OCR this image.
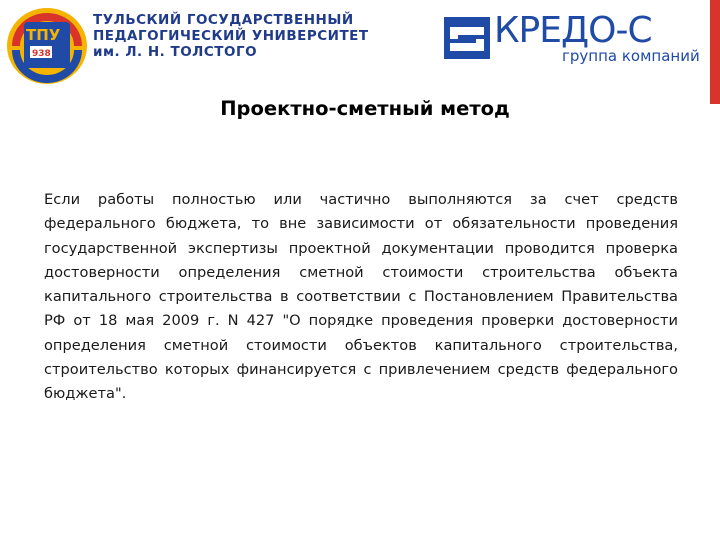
TПУ
938
ТУЛЬСКИЙ ГОСУДАРСТВЕННЫЙ
ПЕДАГОГИЧЕСКИЙ УНИВЕРСИТЕТ
им. Л. Н. ТОЛСТОГО
КРЕДО-С
группа компаний
Проектно-сметный метод
Если работы полностью или частично выполняются за счет средств федерального бюджета, то вне зависимости от обязательности проведения государственной экспертизы проектной документации проводится проверка достоверности определения сметной стоимости строительства объекта капитального строительства в соответствии с Постановлением Правительства РФ от 18 мая 2009 г. N 427 "О порядке проведения проверки достоверности определения сметной стоимости объектов капитального строительства, строительство которых финансируется с привлечением средств федерального бюджета".
